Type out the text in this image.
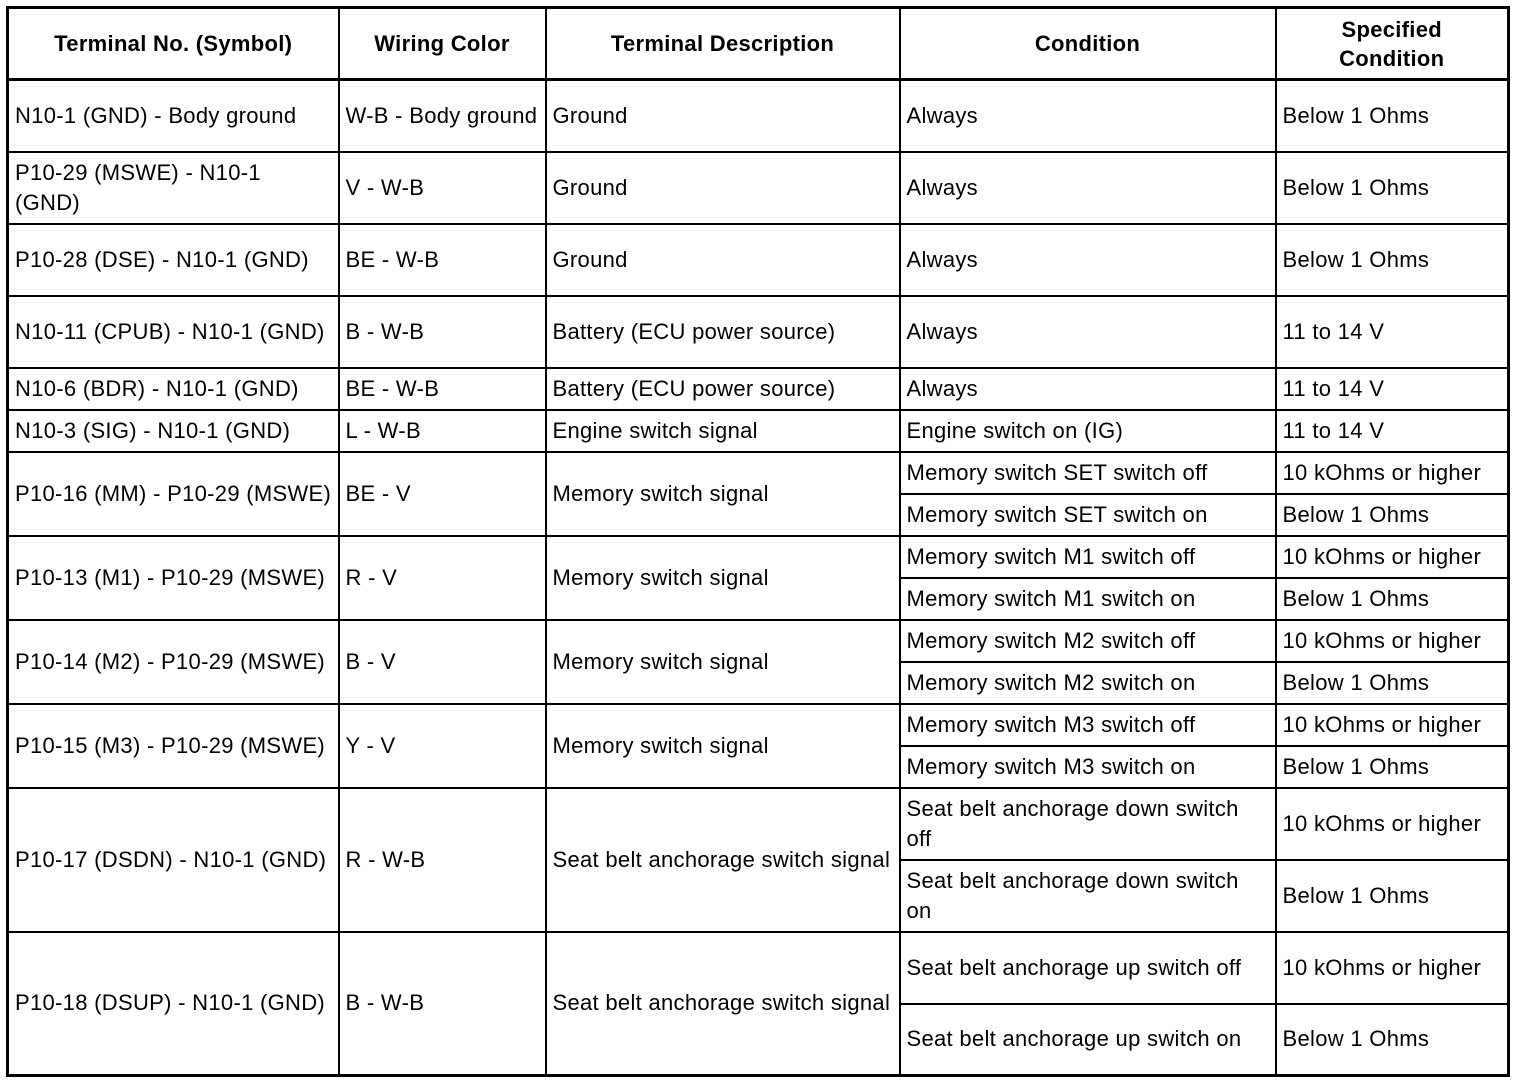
Terminal No. (Symbol)	Wiring Color	Terminal Description	Condition	Specified Condition
N10-1 (GND) - Body ground	W-B - Body ground	Ground	Always	Below 1 Ohms
P10-29 (MSWE) - N10-1 (GND)	V - W-B	Ground	Always	Below 1 Ohms
P10-28 (DSE) - N10-1 (GND)	BE - W-B	Ground	Always	Below 1 Ohms
N10-11 (CPUB) - N10-1 (GND)	B - W-B	Battery (ECU power source)	Always	11 to 14 V
N10-6 (BDR) - N10-1 (GND)	BE - W-B	Battery (ECU power source)	Always	11 to 14 V
N10-3 (SIG) - N10-1 (GND)	L - W-B	Engine switch signal	Engine switch on (IG)	11 to 14 V
P10-16 (MM) - P10-29 (MSWE)	BE - V	Memory switch signal	Memory switch SET switch off	10 kOhms or higher
			Memory switch SET switch on	Below 1 Ohms
P10-13 (M1) - P10-29 (MSWE)	R - V	Memory switch signal	Memory switch M1 switch off	10 kOhms or higher
			Memory switch M1 switch on	Below 1 Ohms
P10-14 (M2) - P10-29 (MSWE)	B - V	Memory switch signal	Memory switch M2 switch off	10 kOhms or higher
			Memory switch M2 switch on	Below 1 Ohms
P10-15 (M3) - P10-29 (MSWE)	Y - V	Memory switch signal	Memory switch M3 switch off	10 kOhms or higher
			Memory switch M3 switch on	Below 1 Ohms
P10-17 (DSDN) - N10-1 (GND)	R - W-B	Seat belt anchorage switch signal	Seat belt anchorage down switch off	10 kOhms or higher
			Seat belt anchorage down switch on	Below 1 Ohms
P10-18 (DSUP) - N10-1 (GND)	B - W-B	Seat belt anchorage switch signal	Seat belt anchorage up switch off	10 kOhms or higher
			Seat belt anchorage up switch on	Below 1 Ohms
